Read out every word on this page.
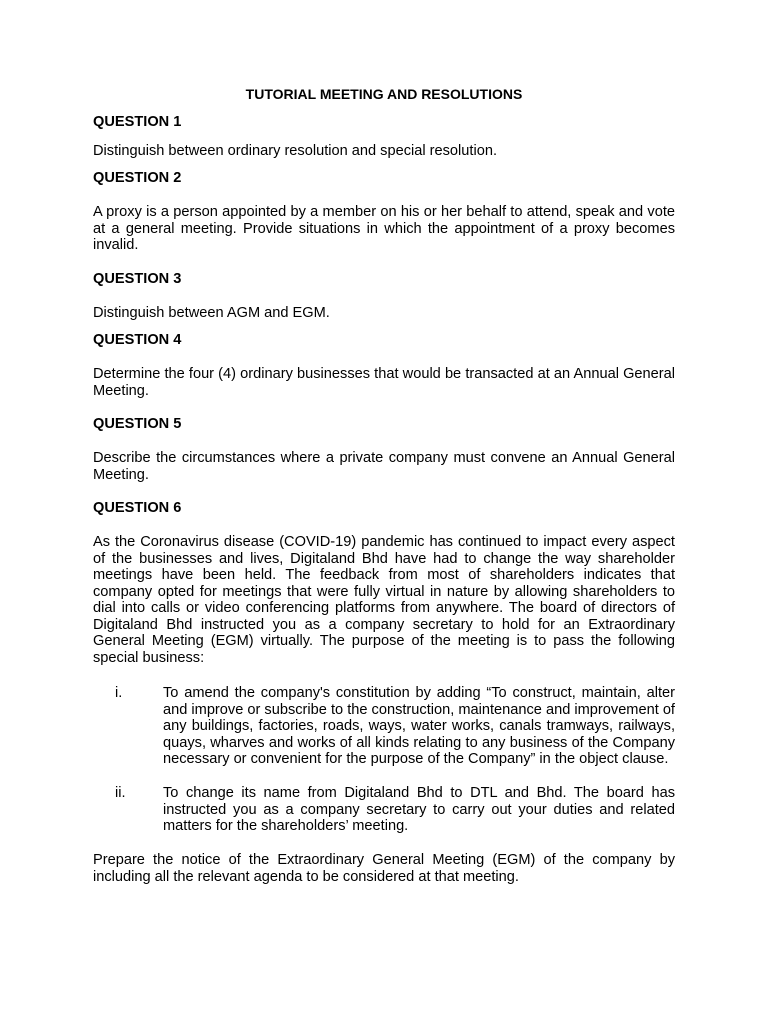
TUTORIAL MEETING AND RESOLUTIONS
QUESTION 1
Distinguish between ordinary resolution and special resolution.
QUESTION 2
A proxy is a person appointed by a member on his or her behalf to attend, speak and vote at a general meeting. Provide situations in which the appointment of a proxy becomes invalid.
QUESTION 3
Distinguish between AGM and EGM.
QUESTION 4
Determine the four (4) ordinary businesses that would be transacted at an Annual General Meeting.
QUESTION 5
Describe the circumstances where a private company must convene an Annual General Meeting.
QUESTION 6
As the Coronavirus disease (COVID-19) pandemic has continued to impact every aspect of the businesses and lives, Digitaland Bhd have had to change the way shareholder meetings have been held. The feedback from most of shareholders indicates that company opted for meetings that were fully virtual in nature by allowing shareholders to dial into calls or video conferencing platforms from anywhere. The board of directors of Digitaland Bhd instructed you as a company secretary to hold for an Extraordinary General Meeting (EGM) virtually. The purpose of the meeting is to pass the following special business:
i.	To amend the company's constitution by adding “To construct, maintain, alter and improve or subscribe to the construction, maintenance and improvement of any buildings, factories, roads, ways, water works, canals tramways, railways, quays, wharves and works of all kinds relating to any business of the Company necessary or convenient for the purpose of the Company” in the object clause.
ii.	To change its name from Digitaland Bhd to DTL and Bhd. The board has instructed you as a company secretary to carry out your duties and related matters for the shareholders’ meeting.
Prepare the notice of the Extraordinary General Meeting (EGM) of the company by including all the relevant agenda to be considered at that meeting.
